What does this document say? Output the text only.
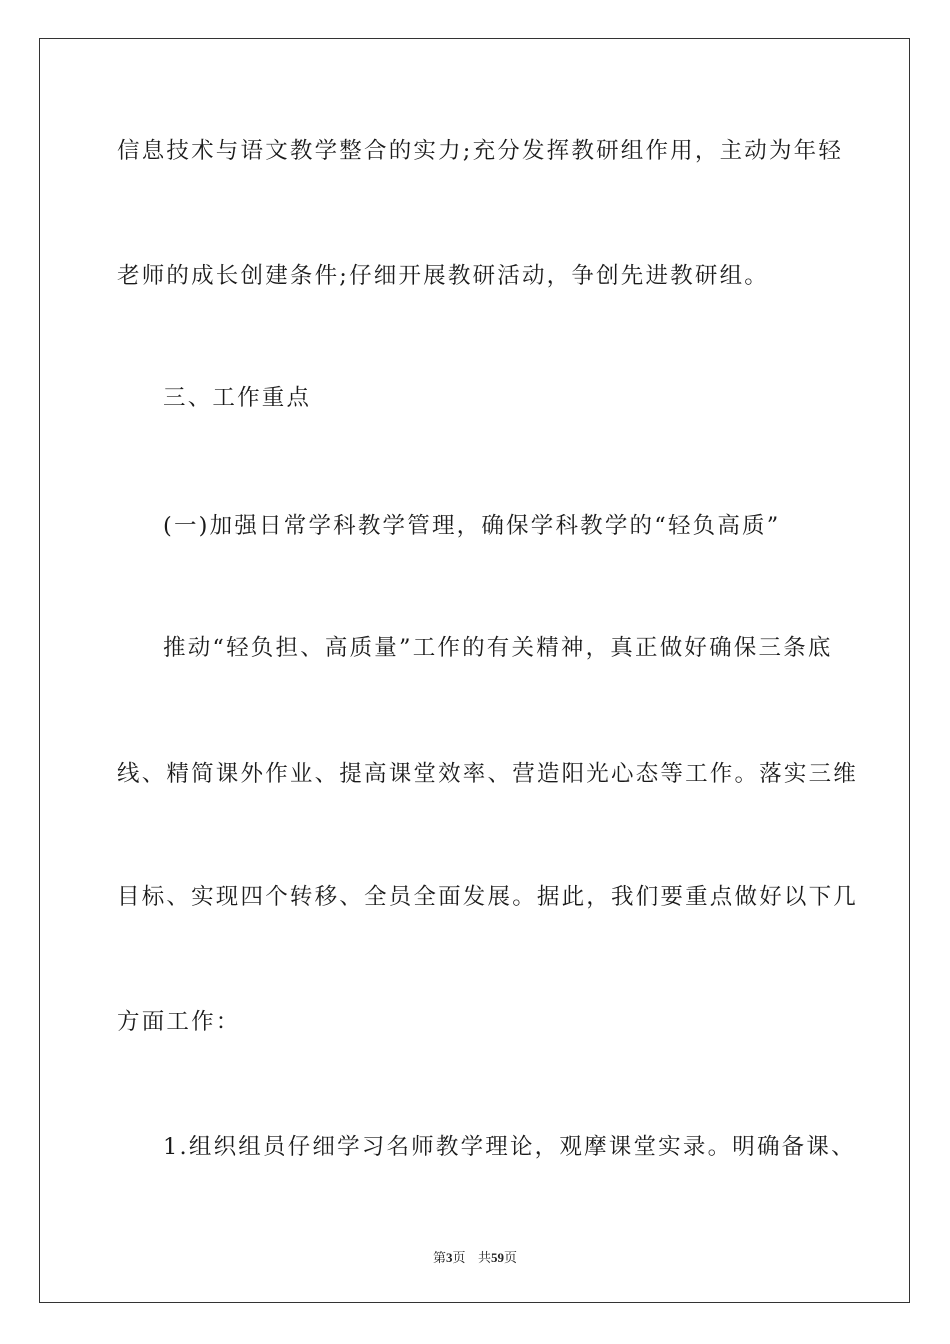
信息技术与语文教学整合的实力;充分发挥教研组作用，主动为年轻
老师的成长创建条件;仔细开展教研活动，争创先进教研组。
三、工作重点
(一)加强日常学科教学管理，确保学科教学的“轻负高质”
推动“轻负担、高质量”工作的有关精神，真正做好确保三条底
线、精简课外作业、提高课堂效率、营造阳光心态等工作。落实三维
目标、实现四个转移、全员全面发展。据此，我们要重点做好以下几
方面工作：
1.组织组员仔细学习名师教学理论，观摩课堂实录。明确备课、
第3页 共59页
